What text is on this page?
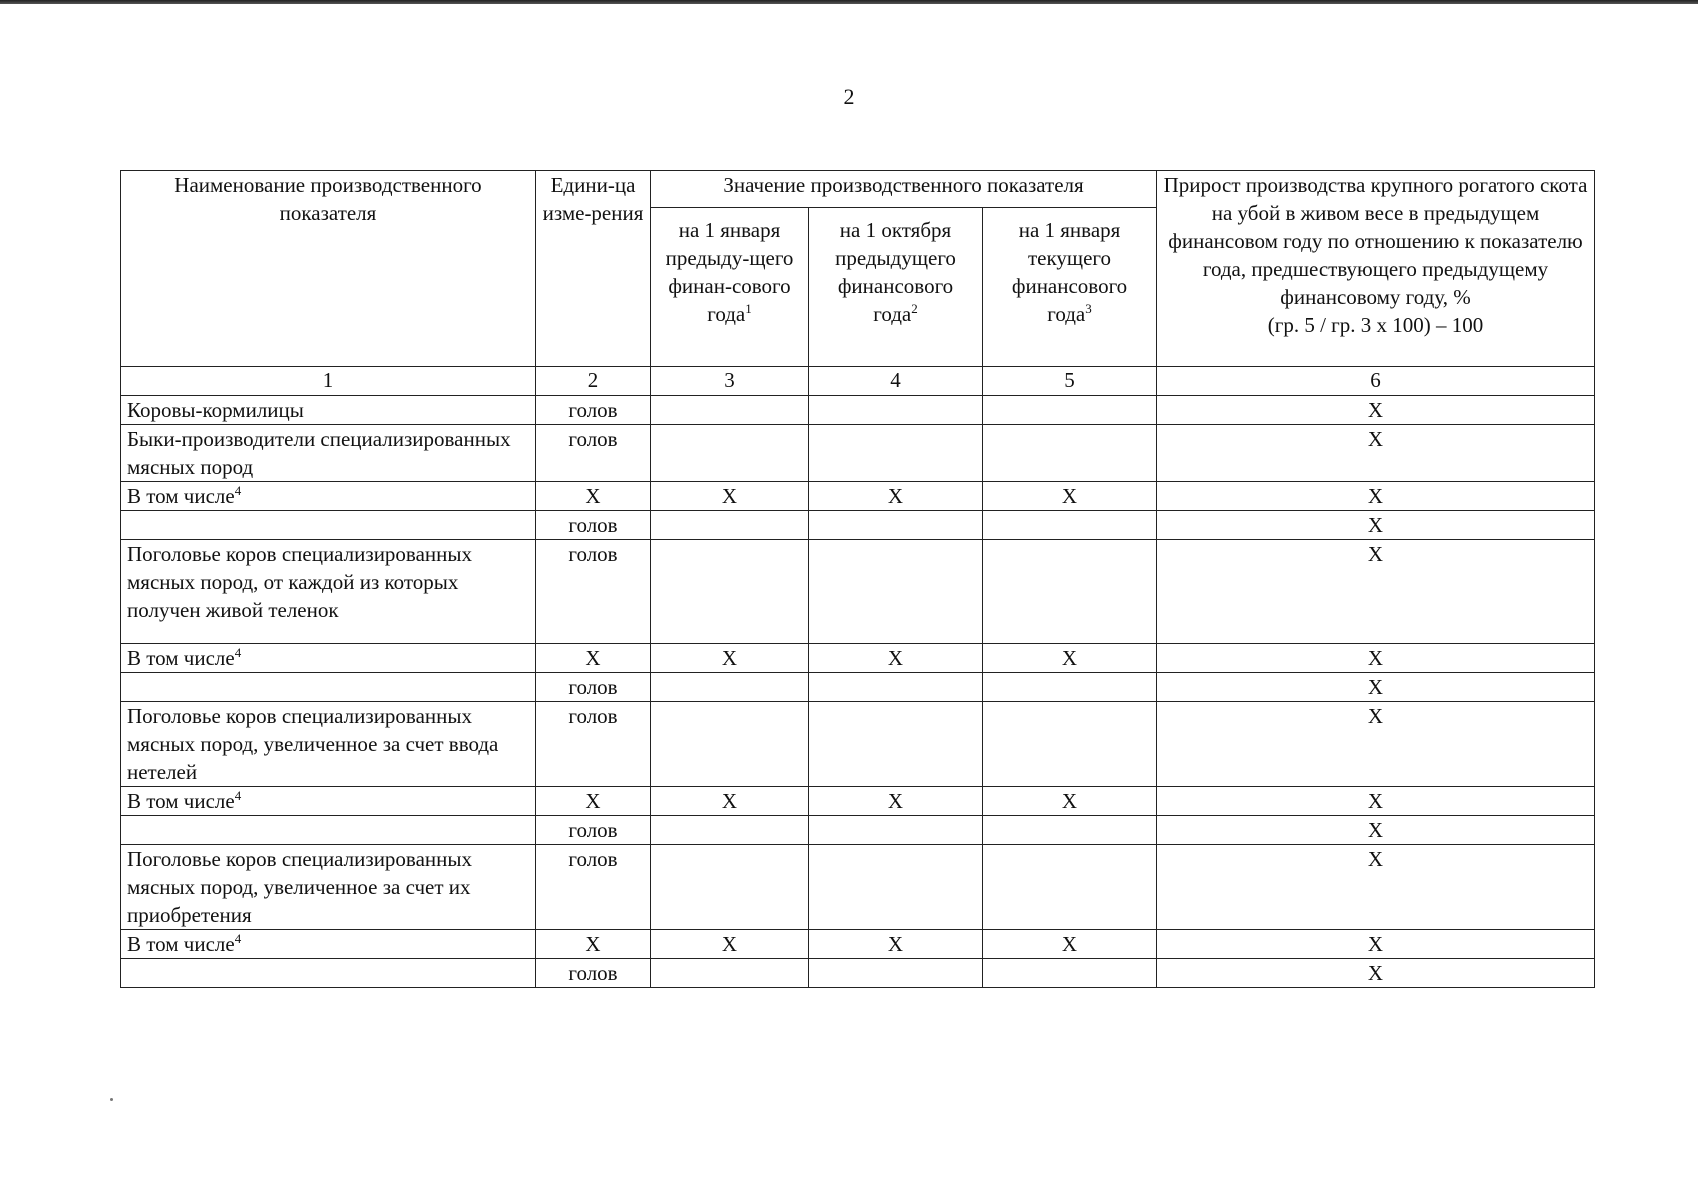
2
Наименование производственного показателя	Едини-ца изме-рения	Значение производственного показателя			Прирост производства крупного рогатого скота на убой в живом весе в предыдущем финансовом году по отношению к показателю года, предшествующего предыдущему финансовому году, %
(гр. 5 / гр. 3 х 100) – 100
		на 1 января предыду-щего финан-сового года$^1$	на 1 октября предыдущего финансового года$^2$	на 1 января текущего финансового года$^3$
1	2	3	4	5	6
Коровы-кормилицы	голов				Х
Быки-производители специализированных мясных пород	голов				Х
В том числе$^4$	Х	Х	Х	Х	Х
	голов				Х
Поголовье коров специализированных мясных пород, от каждой из которых получен живой теленок	голов				Х
В том числе$^4$	Х	Х	Х	Х	Х
	голов				Х
Поголовье коров специализированных мясных пород, увеличенное за счет ввода нетелей	голов				Х
В том числе$^4$	Х	Х	Х	Х	Х
	голов				Х
Поголовье коров специализированных мясных пород, увеличенное за счет их приобретения	голов				Х
В том числе$^4$	Х	Х	Х	Х	Х
	голов				Х
